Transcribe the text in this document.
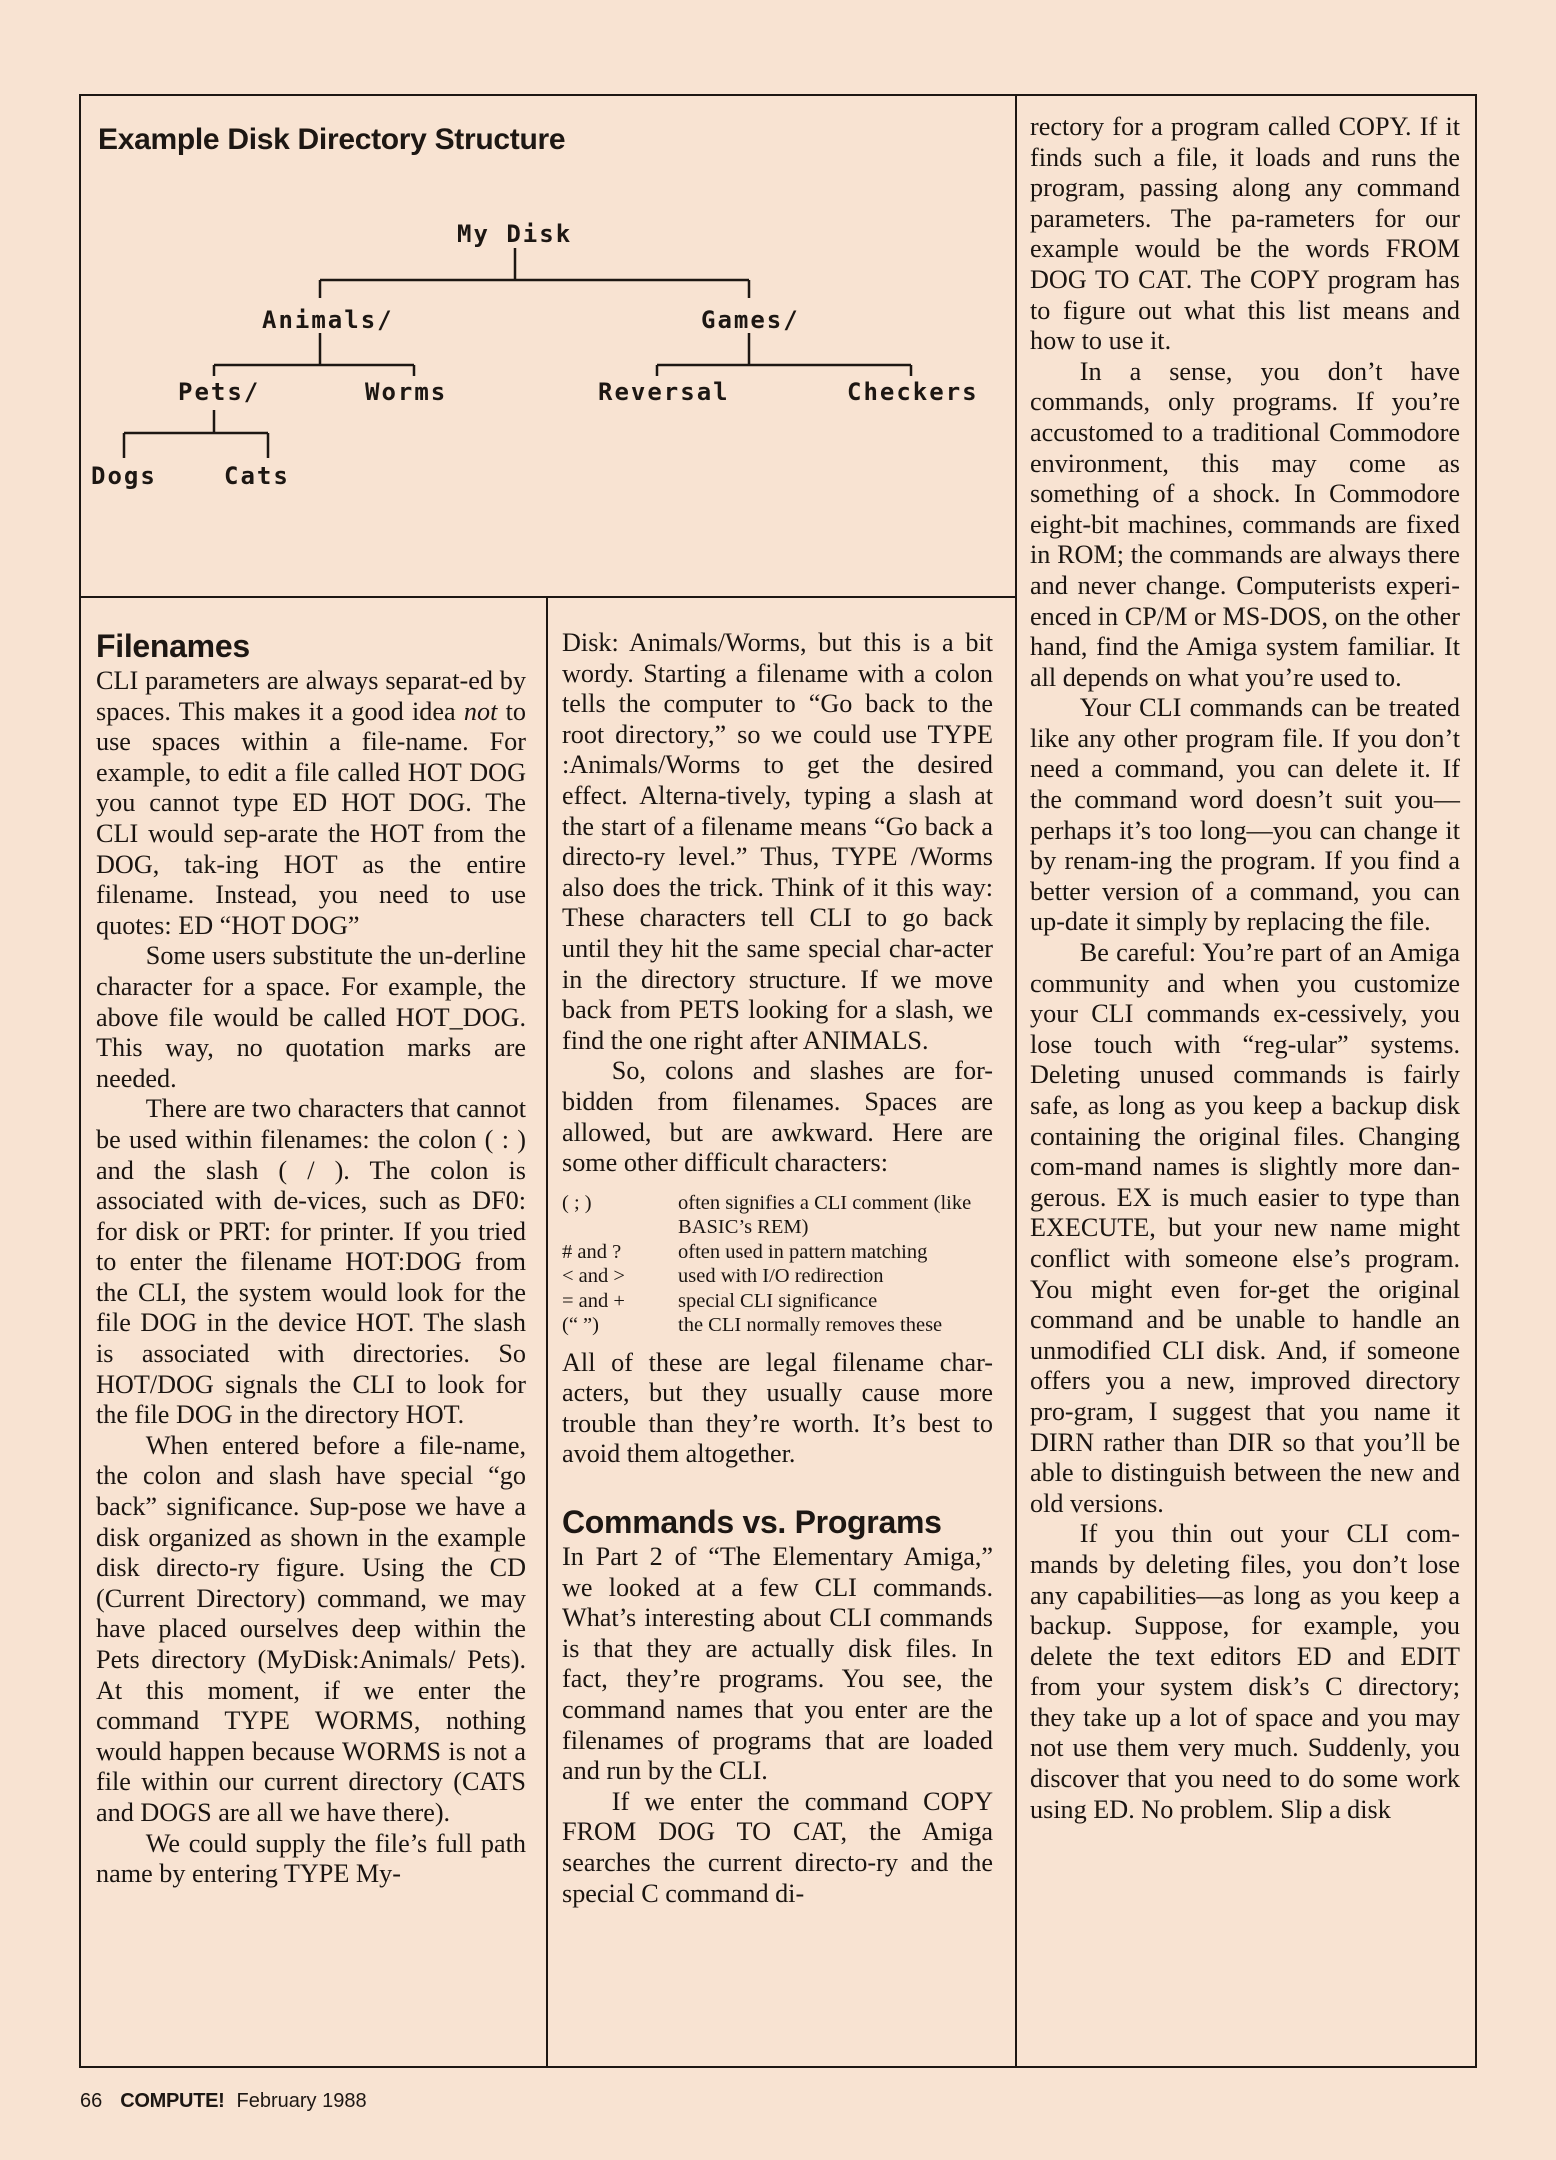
Example Disk Directory Structure
My Disk
Animals/	Games/
Pets/	Worms	Reversal	Checkers
Dogs	Cats
Filenames

CLI parameters are always separat-ed by spaces. This makes it a good idea not to use spaces within a file-name. For example, to edit a file called HOT DOG you cannot type ED HOT DOG. The CLI would sep-arate the HOT from the DOG, tak-ing HOT as the entire filename. Instead, you need to use quotes: ED “HOT DOG”

Some users substitute the un-derline character for a space. For example, the above file would be called HOT_DOG. This way, no quotation marks are needed.

There are two characters that cannot be used within filenames: the colon ( : ) and the slash ( / ). The colon is associated with de-vices, such as DF0: for disk or PRT: for printer. If you tried to enter the filename HOT:DOG from the CLI, the system would look for the file DOG in the device HOT. The slash is associated with directories. So HOT/DOG signals the CLI to look for the file DOG in the directory HOT.

When entered before a file-name, the colon and slash have special “go back” significance. Sup-pose we have a disk organized as shown in the example disk directo-ry figure. Using the CD (Current Directory) command, we may have placed ourselves deep within the Pets directory (MyDisk:Animals/ Pets). At this moment, if we enter the command TYPE WORMS, nothing would happen because WORMS is not a file within our current directory (CATS and DOGS are all we have there).

We could supply the file’s full path name by entering TYPE My-

Disk: Animals/Worms, but this is a bit wordy. Starting a filename with a colon tells the computer to “Go back to the root directory,” so we could use TYPE :Animals/Worms to get the desired effect. Alterna-tively, typing a slash at the start of a filename means “Go back a directo-ry level.” Thus, TYPE /Worms also does the trick. Think of it this way: These characters tell CLI to go back until they hit the same special char-acter in the directory structure. If we move back from PETS looking for a slash, we find the one right after ANIMALS.

So, colons and slashes are for-bidden from filenames. Spaces are allowed, but are awkward. Here are some other difficult characters:

( ; )	often signifies a CLI comment (like BASIC’s REM)
# and ?	often used in pattern matching
< and >	used with I/O redirection
= and +	special CLI significance
(“ ”)	the CLI normally removes these

All of these are legal filename char-acters, but they usually cause more trouble than they’re worth. It’s best to avoid them altogether.

Commands vs. Programs

In Part 2 of “The Elementary Amiga,” we looked at a few CLI commands. What’s interesting about CLI commands is that they are actually disk files. In fact, they’re programs. You see, the command names that you enter are the filenames of programs that are loaded and run by the CLI.

If we enter the command COPY FROM DOG TO CAT, the Amiga searches the current directo-ry and the special C command di-

rectory for a program called COPY. If it finds such a file, it loads and runs the program, passing along any command parameters. The pa-rameters for our example would be the words FROM DOG TO CAT. The COPY program has to figure out what this list means and how to use it.

In a sense, you don’t have commands, only programs. If you’re accustomed to a traditional Commodore environment, this may come as something of a shock. In Commodore eight-bit machines, commands are fixed in ROM; the commands are always there and never change. Computerists experi-enced in CP/M or MS-DOS, on the other hand, find the Amiga system familiar. It all depends on what you’re used to.

Your CLI commands can be treated like any other program file. If you don’t need a command, you can delete it. If the command word doesn’t suit you—perhaps it’s too long—you can change it by renam-ing the program. If you find a better version of a command, you can up-date it simply by replacing the file.

Be careful: You’re part of an Amiga community and when you customize your CLI commands ex-cessively, you lose touch with “reg-ular” systems. Deleting unused commands is fairly safe, as long as you keep a backup disk containing the original files. Changing com-mand names is slightly more dan-gerous. EX is much easier to type than EXECUTE, but your new name might conflict with someone else’s program. You might even for-get the original command and be unable to handle an unmodified CLI disk. And, if someone offers you a new, improved directory pro-gram, I suggest that you name it DIRN rather than DIR so that you’ll be able to distinguish between the new and old versions.

If you thin out your CLI com-mands by deleting files, you don’t lose any capabilities—as long as you keep a backup. Suppose, for example, you delete the text editors ED and EDIT from your system disk’s C directory; they take up a lot of space and you may not use them very much. Suddenly, you discover that you need to do some work using ED. No problem. Slip a disk

66 COMPUTE! February 1988
